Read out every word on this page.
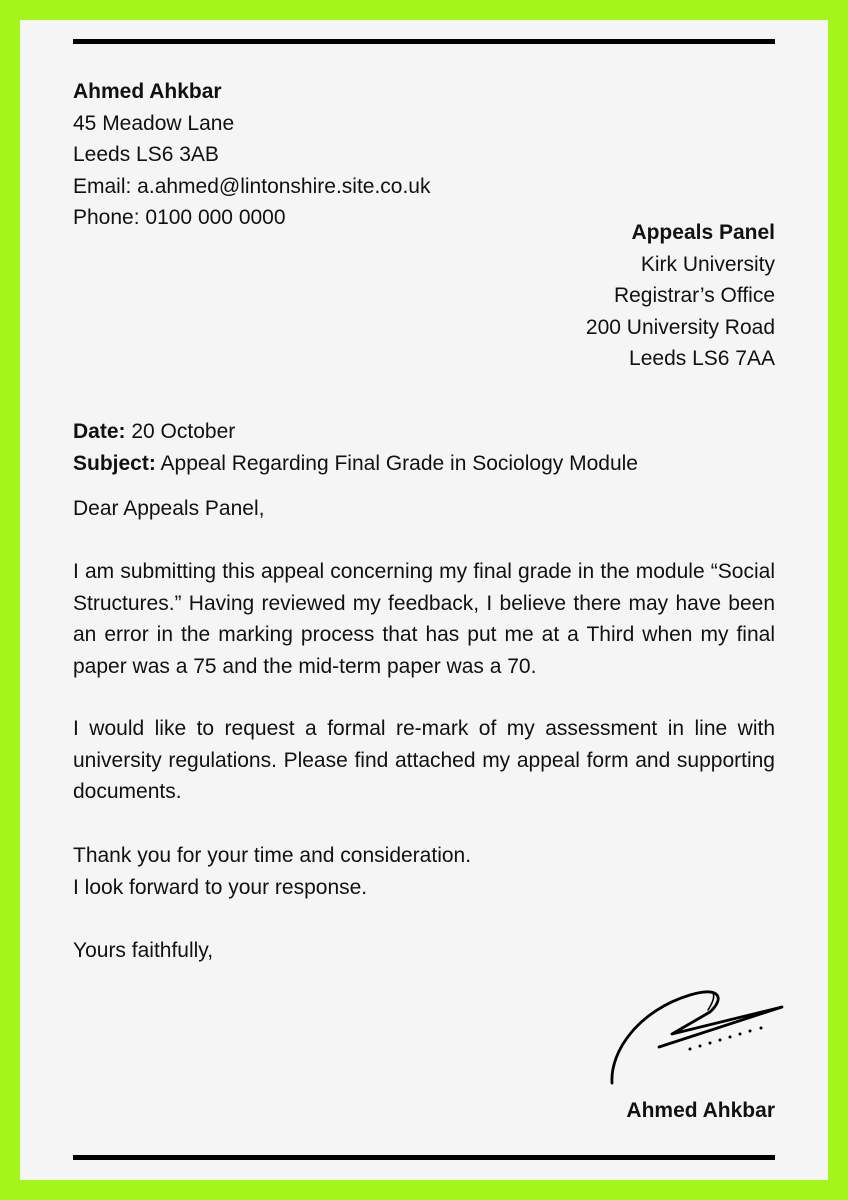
Ahmed Ahkbar
45 Meadow Lane
Leeds LS6 3AB
Email: a.ahmed@lintonshire.site.co.uk
Phone: 0100 000 0000
Appeals Panel
Kirk University
Registrar’s Office
200 University Road
Leeds LS6 7AA
Date: 20 October
Subject: Appeal Regarding Final Grade in Sociology Module
Dear Appeals Panel,
I am submitting this appeal concerning my final grade in the module “Social Structures.” Having reviewed my feedback, I believe there may have been an error in the marking process that has put me at a Third when my final paper was a 75 and the mid-term paper was a 70.
I would like to request a formal re-mark of my assessment in line with university regulations. Please find attached my appeal form and supporting documents.
Thank you for your time and consideration.
I look forward to your response.
Yours faithfully,
Ahmed Ahkbar
